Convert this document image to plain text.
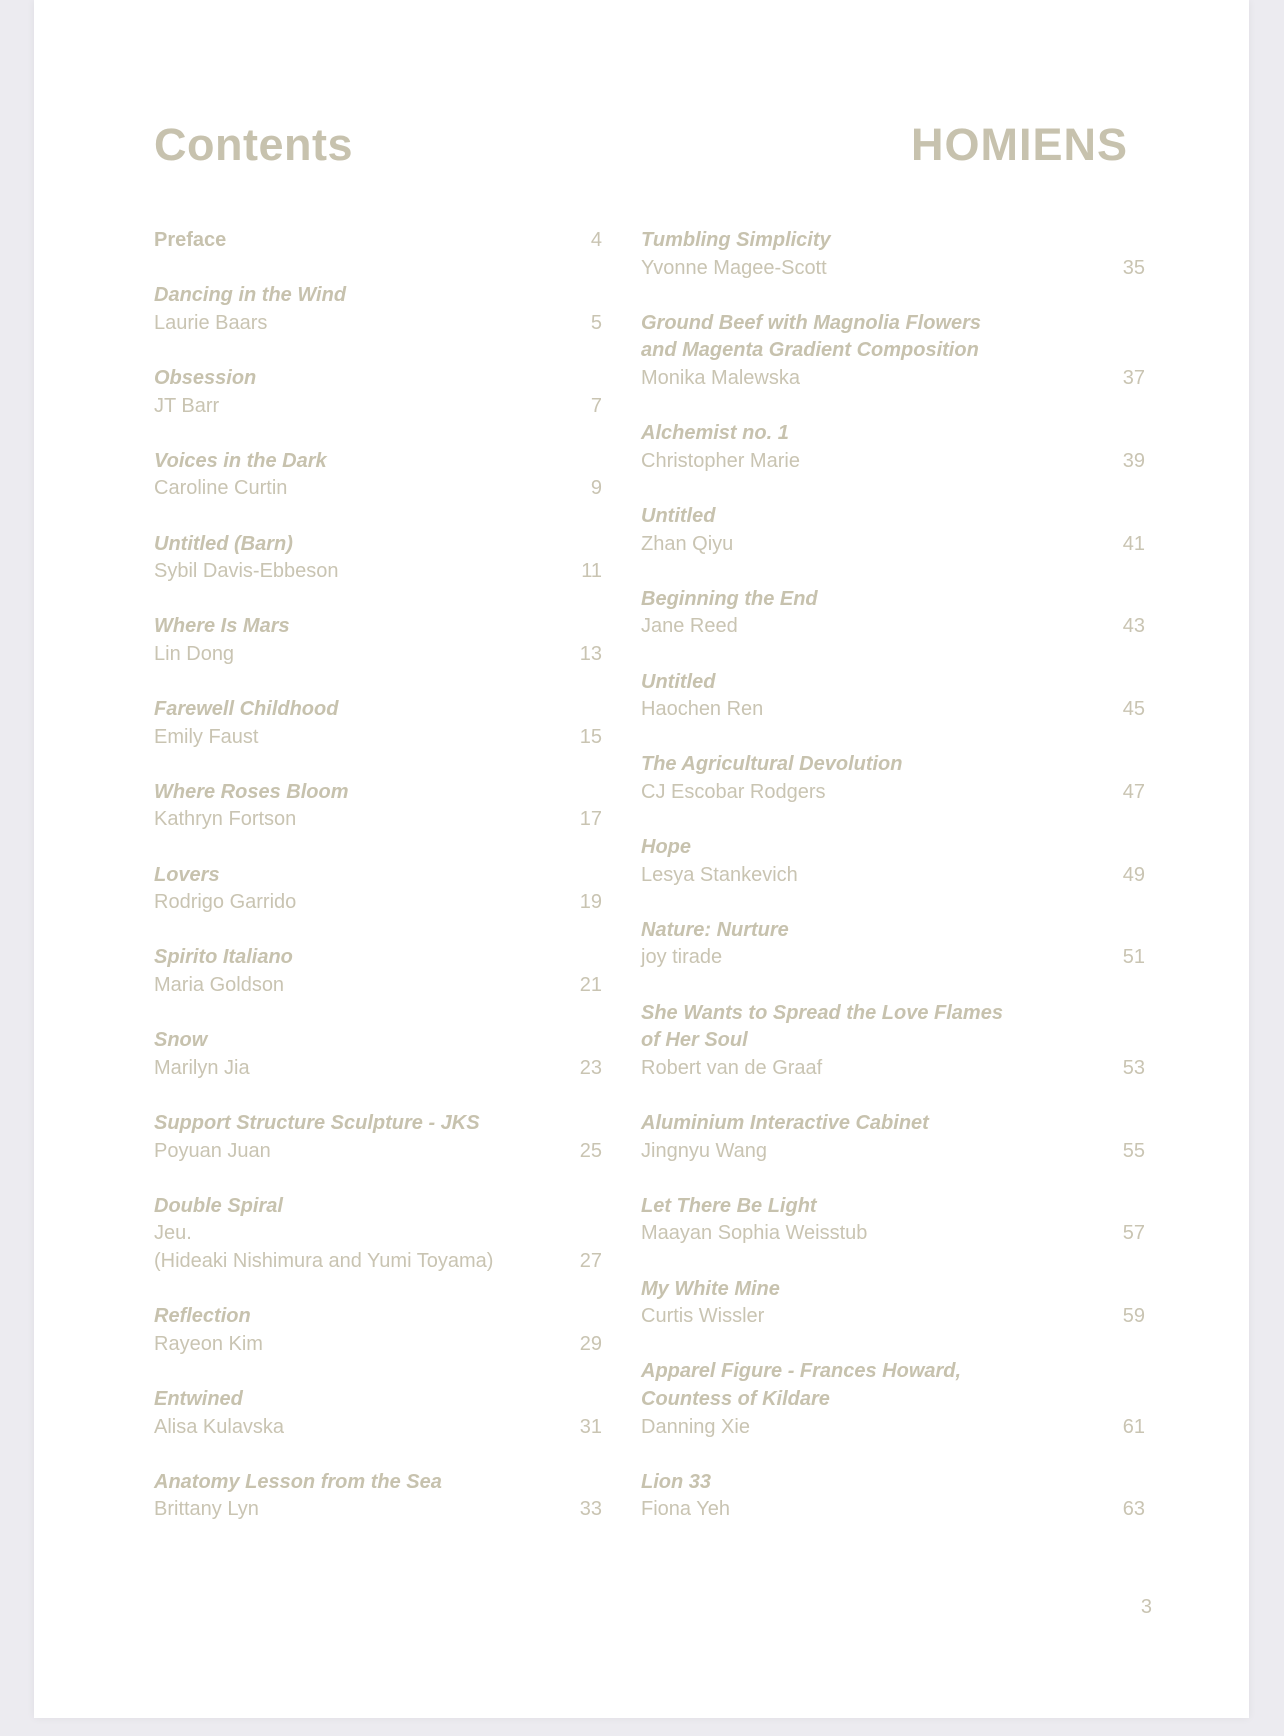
Contents	HOMIENS
Preface	4
Dancing in the Wind
Laurie Baars	5
Obsession
JT Barr	7
Voices in the Dark
Caroline Curtin	9
Untitled (Barn)
Sybil Davis-Ebbeson	11
Where Is Mars
Lin Dong	13
Farewell Childhood
Emily Faust	15
Where Roses Bloom
Kathryn Fortson	17
Lovers
Rodrigo Garrido	19
Spirito Italiano
Maria Goldson	21
Snow
Marilyn Jia	23
Support Structure Sculpture - JKS
Poyuan Juan	25
Double Spiral
Jeu.
(Hideaki Nishimura and Yumi Toyama)	27
Reflection
Rayeon Kim	29
Entwined
Alisa Kulavska	31
Anatomy Lesson from the Sea
Brittany Lyn	33
Tumbling Simplicity
Yvonne Magee-Scott	35
Ground Beef with Magnolia Flowers
and Magenta Gradient Composition
Monika Malewska	37
Alchemist no. 1
Christopher Marie	39
Untitled
Zhan Qiyu	41
Beginning the End
Jane Reed	43
Untitled
Haochen Ren	45
The Agricultural Devolution
CJ Escobar Rodgers	47
Hope
Lesya Stankevich	49
Nature: Nurture
joy tirade	51
She Wants to Spread the Love Flames
of Her Soul
Robert van de Graaf	53
Aluminium Interactive Cabinet
Jingnyu Wang	55
Let There Be Light
Maayan Sophia Weisstub	57
My White Mine
Curtis Wissler	59
Apparel Figure - Frances Howard,
Countess of Kildare
Danning Xie	61
Lion 33
Fiona Yeh	63
3
